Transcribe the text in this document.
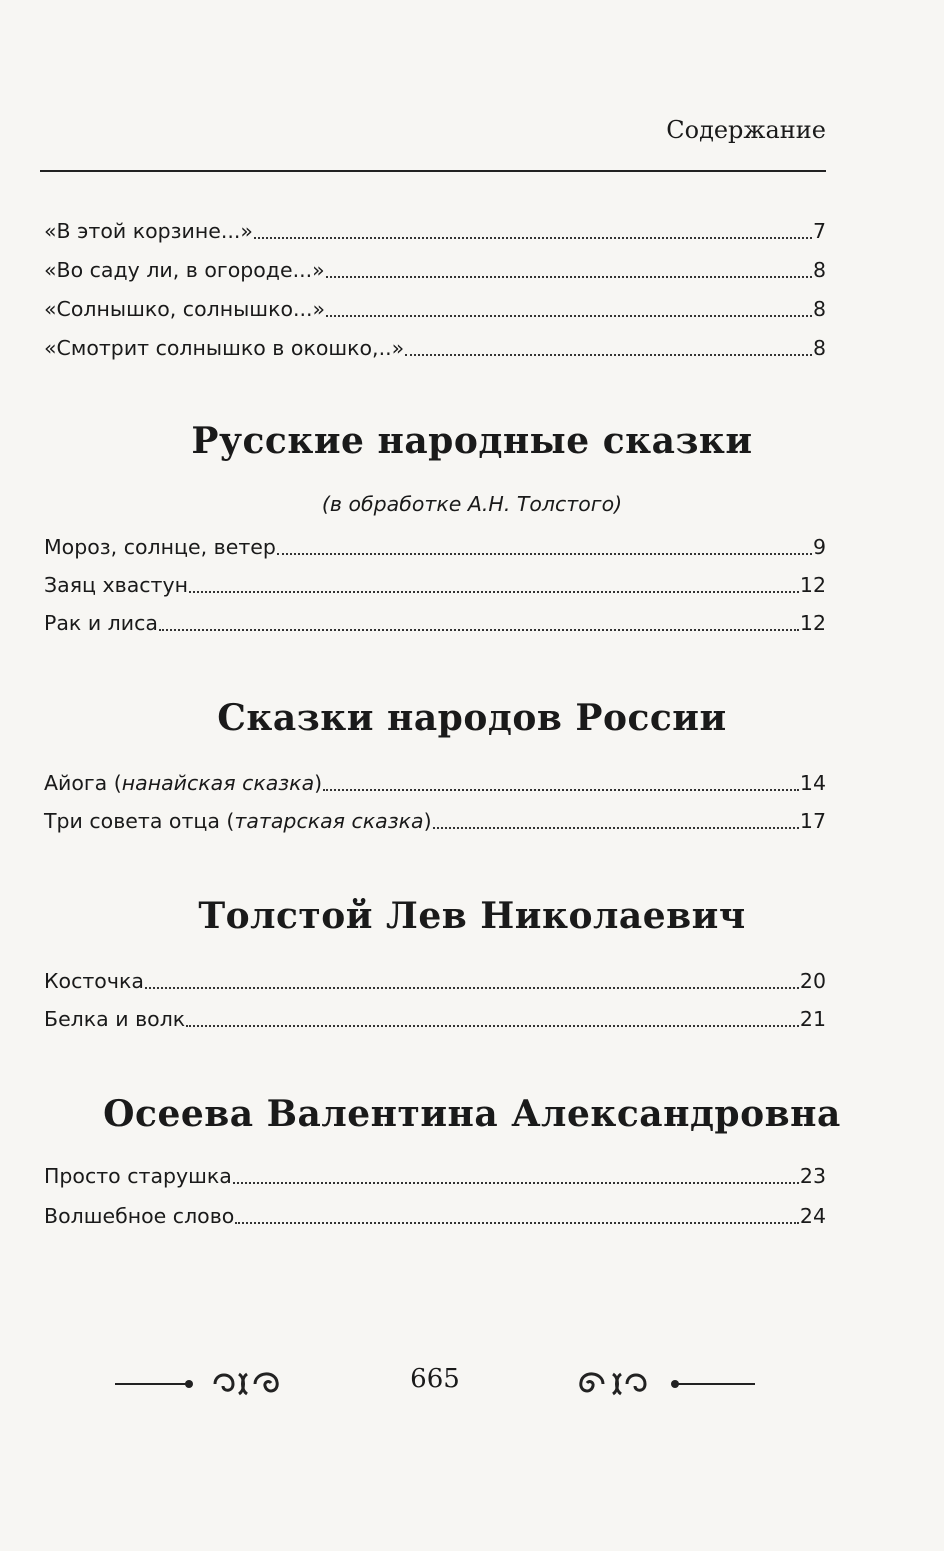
Содержание
«В этой корзине...»	7
«Во саду ли, в огороде...»	8
«Солнышко, солнышко...»	8
«Смотрит солнышко в окошко,..»	8
Русские народные сказки
(в обработке А.Н. Толстого)
Мороз, солнце, ветер	9
Заяц хвастун	12
Рак и лиса	12
Сказки народов России
Айога (нанайская сказка)	14
Три совета отца (татарская сказка)	17
Толстой Лев Николаевич
Косточка	20
Белка и волк	21
Осеева Валентина Александровна
Просто старушка	23
Волшебное слово	24
665
